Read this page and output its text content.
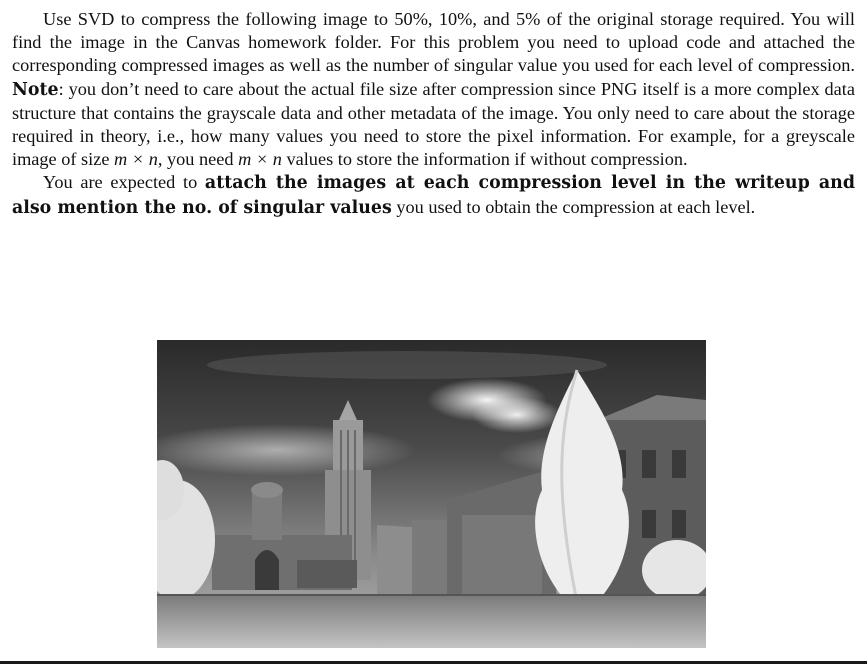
Use SVD to compress the following image to 50%, 10%, and 5% of the original storage required. You will find the image in the Canvas homework folder. For this problem you need to upload code and attached the corresponding compressed images as well as the number of singular value you used for each level of compression. Note: you don’t need to care about the actual file size after compression since PNG itself is a more complex data structure that contains the grayscale data and other metadata of the image. You only need to care about the storage required in theory, i.e., how many values you need to store the pixel information. For example, for a greyscale image of size m × n, you need m × n values to store the information if without compression.

You are expected to attach the images at each compression level in the writeup and also mention the no. of singular values you used to obtain the compression at each level.
